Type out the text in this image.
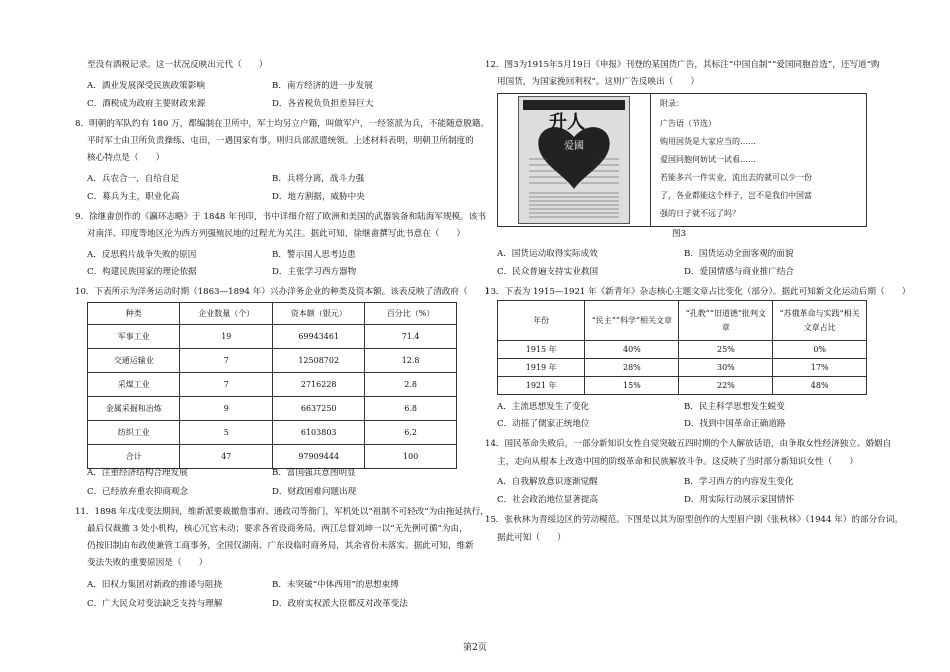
至没有酒税记录。这一状况反映出元代（　　）
A．酒业发展深受民族政策影响	B．南方经济的进一步发展
C．酒税成为政府主要财政来源	D．各省税负负担差异巨大
8．明朝的军队约有 180 万，都编制在卫所中，军士均另立户籍，叫做军户，一经签派为兵，不能随意脱籍。
平时军士由卫所负责操练、屯田，一遇国家有事，则归兵部派遣统领。上述材料表明，明朝卫所制度的
核心特点是（　　）
A．兵农合一，自给自足	B．兵将分离，战斗力强
C．募兵为主，职业化高	D．地方割据，威胁中央
9．徐继畬创作的《瀛环志略》于 1848 年刊印，书中详细介绍了欧洲和美国的武器装备和陆海军规模。该书
对南洋、印度等地区沦为西方列强殖民地的过程尤为关注。据此可知，徐继畬撰写此书意在（　　）
A．反思鸦片战争失败的原因	B．警示国人思考边患
C．构建民族国家的理论依据	D．主张学习西方器物
10．下表所示为洋务运动时期（1863—1894 年）兴办洋务企业的种类及资本额。该表反映了清政府（　　）
种类	企业数量（个）	资本额（银元）	百分比（%）
军事工业	19	69943461	71.4
交通运输业	7	12508702	12.8
采煤工业	7	2716228	2.8
金属采掘和冶炼	9	6637250	6.8
纺织工业	5	6103803	6.2
合计	47	97909444	100
A．注重经济结构合理发展	B．富国强兵意图明显
C．已经放弃重农抑商观念	D．财政困难问题出现
11．1898 年戊戌变法期间，维新派要裁撤詹事府、通政司等衙门，军机处以“祖制不可轻改”为由拖延执行，
最后仅裁撤 3 处小机构，核心冗官未动；要求各省设商务局，两江总督刘坤一以“无先例可循”为由，
仍按旧制由布政使兼管工商事务，全国仅湖南、广东设临时商务局，其余省份未落实。据此可知，维新
变法失败的重要原因是（　　）
A．旧权力集团对新政的推诿与阻挠	B．未突破“中体西用”的思想束缚
C．广大民众对变法缺乏支持与理解	D．政府实权派大臣都反对改革变法
12．图3为1915年5月19日《申报》刊登的某国货广告，其标注“中国自制”“爱国同胞首选”，还写道“购
用国货，为国家挽回利权”。这则广告反映出（　　）
升人
爱國
附录：
广告语（节选）
购用国货是大家应当的……
爱国同胞何妨试一试看……
若能多兴一件实业，流出去的就可以少一份
了，各业都能这个样子，岂不是我们中国富
强的日子就不远了吗？
图3
A．国货运动取得实际成效	B．国货运动全面客观的面貌
C．民众普遍支持实业救国	D．爱国情感与商业推广结合
13．下表为 1915—1921 年《新青年》杂志核心主题文章占比变化（部分）。据此可知新文化运动后期（　　）
年份	“民主”“科学”相关文章	“孔教”“旧道德”批判文章	“苏俄革命与实践”相关文章占比
1915 年	40%	25%	0%
1919 年	28%	30%	17%
1921 年	15%	22%	48%
A．主流思想发生了变化	B．民主科学思想发生蜕变
C．动摇了儒家正统地位	D．找到中国革命正确道路
14．国民革命失败后，一部分新知识女性自觉突破五四时期的个人解放话语，由争取女性经济独立、婚姻自
主，走向从根本上改造中国的阶级革命和民族解放斗争。这反映了当时部分新知识女性（　　）
A．自我解放意识逐渐觉醒	B．学习西方的内容发生变化
C．社会政治地位显著提高	D．用实际行动展示家国情怀
15．张秋林为晋绥边区的劳动模范。下图是以其为原型创作的大型眉户剧《张秋林》（1944 年）的部分台词。
据此可知（　　）
第2页
